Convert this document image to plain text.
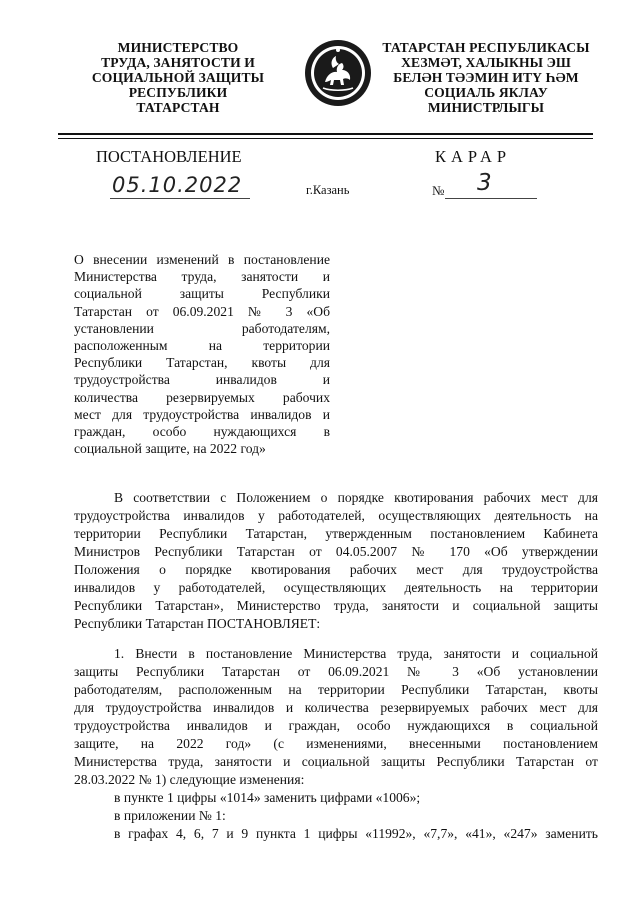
МИНИСТЕРСТВО
ТРУДА, ЗАНЯТОСТИ И
СОЦИАЛЬНОЙ ЗАЩИТЫ
РЕСПУБЛИКИ
ТАТАРСТАН
ТАТАРСТАН РЕСПУБЛИКАСЫ
ХЕЗМӘТ, ХАЛЫКНЫ ЭШ
БЕЛӘН ТӘЭМИН ИТҮ ҺӘМ
СОЦИАЛЬ ЯКЛАУ
МИНИСТРЛЫГЫ
ПОСТАНОВЛЕНИЕ	КАРАР
05.10.2022	г.Казань	№ 3
О внесении изменений в постановление
Министерства труда, занятости и
социальной защиты Республики
Татарстан от 06.09.2021 № 3 «Об
установлении работодателям,
расположенным на территории
Республики Татарстан, квоты для
трудоустройства инвалидов и
количества резервируемых рабочих
мест для трудоустройства инвалидов и
граждан, особо нуждающихся в
социальной защите, на 2022 год»
В соответствии с Положением о порядке квотирования рабочих мест для
трудоустройства инвалидов у работодателей, осуществляющих деятельность на
территории Республики Татарстан, утвержденным постановлением Кабинета
Министров Республики Татарстан от 04.05.2007 № 170 «Об утверждении
Положения о порядке квотирования рабочих мест для трудоустройства
инвалидов у работодателей, осуществляющих деятельность на территории
Республики Татарстан», Министерство труда, занятости и социальной защиты
Республики Татарстан ПОСТАНОВЛЯЕТ:
1. Внести в постановление Министерства труда, занятости и социальной
защиты Республики Татарстан от 06.09.2021 № 3 «Об установлении
работодателям, расположенным на территории Республики Татарстан, квоты
для трудоустройства инвалидов и количества резервируемых рабочих мест для
трудоустройства инвалидов и граждан, особо нуждающихся в социальной
защите, на 2022 год» (с изменениями, внесенными постановлением
Министерства труда, занятости и социальной защиты Республики Татарстан от
28.03.2022 № 1) следующие изменения:
в пункте 1 цифры «1014» заменить цифрами «1006»;
в приложении № 1:
в графах 4, 6, 7 и 9 пункта 1 цифры «11992», «7,7», «41», «247» заменить
